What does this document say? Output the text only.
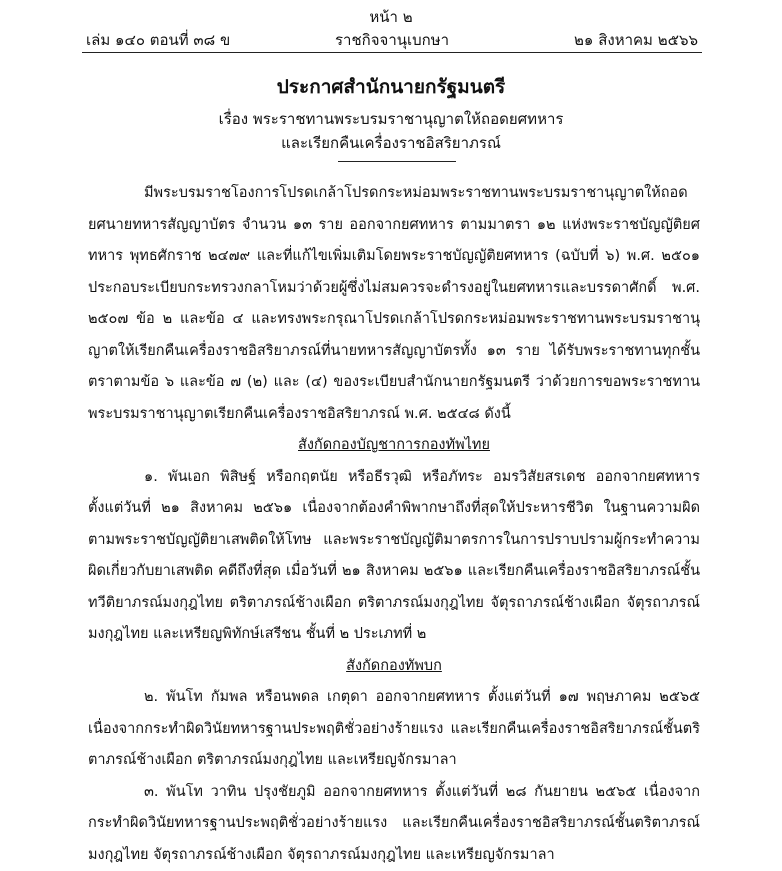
หน้า ๒
เล่ม ๑๔๐ ตอนที่ ๓๘ ข	ราชกิจจานุเบกษา	๒๑ สิงหาคม ๒๕๖๖
ประกาศสำนักนายกรัฐมนตรี
เรื่อง พระราชทานพระบรมราชานุญาตให้ถอดยศทหาร
และเรียกคืนเครื่องราชอิสริยาภรณ์

มีพระบรมราชโองการโปรดเกล้าโปรดกระหม่อมพระราชทานพระบรมราชานุญาตให้ถอดยศนายทหารสัญญาบัตร จำนวน ๑๓ ราย ออกจากยศทหาร ตามมาตรา ๑๒ แห่งพระราชบัญญัติยศทหาร พุทธศักราช ๒๔๗๙ และที่แก้ไขเพิ่มเติมโดยพระราชบัญญัติยศทหาร (ฉบับที่ ๖) พ.ศ. ๒๕๐๑ ประกอบระเบียบกระทรวงกลาโหมว่าด้วยผู้ซึ่งไม่สมควรจะดำรงอยู่ในยศทหารและบรรดาศักดิ์ พ.ศ. ๒๕๐๗ ข้อ ๒ และข้อ ๔ และทรงพระกรุณาโปรดเกล้าโปรดกระหม่อมพระราชทานพระบรมราชานุญาตให้เรียกคืนเครื่องราชอิสริยาภรณ์ที่นายทหารสัญญาบัตรทั้ง ๑๓ ราย ได้รับพระราชทานทุกชั้นตราตามข้อ ๖ และข้อ ๗ (๒) และ (๔) ของระเบียบสำนักนายกรัฐมนตรี ว่าด้วยการขอพระราชทานพระบรมราชานุญาตเรียกคืนเครื่องราชอิสริยาภรณ์ พ.ศ. ๒๕๔๘ ดังนี้

สังกัดกองบัญชาการกองทัพไทย

๑. พันเอก พิสิษฐ์ หรือกฤตนัย หรือธีรวุฒิ หรือภัทระ อมรวิสัยสรเดช ออกจากยศทหาร ตั้งแต่วันที่ ๒๑ สิงหาคม ๒๕๖๑ เนื่องจากต้องคำพิพากษาถึงที่สุดให้ประหารชีวิต ในฐานความผิดตามพระราชบัญญัติยาเสพติดให้โทษ และพระราชบัญญัติมาตรการในการปราบปรามผู้กระทำความผิดเกี่ยวกับยาเสพติด คดีถึงที่สุด เมื่อวันที่ ๒๑ สิงหาคม ๒๕๖๑ และเรียกคืนเครื่องราชอิสริยาภรณ์ชั้นทวีติยาภรณ์มงกุฎไทย ตริตาภรณ์ช้างเผือก ตริตาภรณ์มงกุฎไทย จัตุรถาภรณ์ช้างเผือก จัตุรถาภรณ์มงกุฎไทย และเหรียญพิทักษ์เสรีชน ชั้นที่ ๒ ประเภทที่ ๒

สังกัดกองทัพบก

๒. พันโท กัมพล หรือนพดล เกตุดา ออกจากยศทหาร ตั้งแต่วันที่ ๑๗ พฤษภาคม ๒๕๖๕ เนื่องจากกระทำผิดวินัยทหารฐานประพฤติชั่วอย่างร้ายแรง และเรียกคืนเครื่องราชอิสริยาภรณ์ชั้นตริตาภรณ์ช้างเผือก ตริตาภรณ์มงกุฎไทย และเหรียญจักรมาลา

๓. พันโท วาทิน ปรุงชัยภูมิ ออกจากยศทหาร ตั้งแต่วันที่ ๒๘ กันยายน ๒๕๖๕ เนื่องจากกระทำผิดวินัยทหารฐานประพฤติชั่วอย่างร้ายแรง และเรียกคืนเครื่องราชอิสริยาภรณ์ชั้นตริตาภรณ์มงกุฎไทย จัตุรถาภรณ์ช้างเผือก จัตุรถาภรณ์มงกุฎไทย และเหรียญจักรมาลา
